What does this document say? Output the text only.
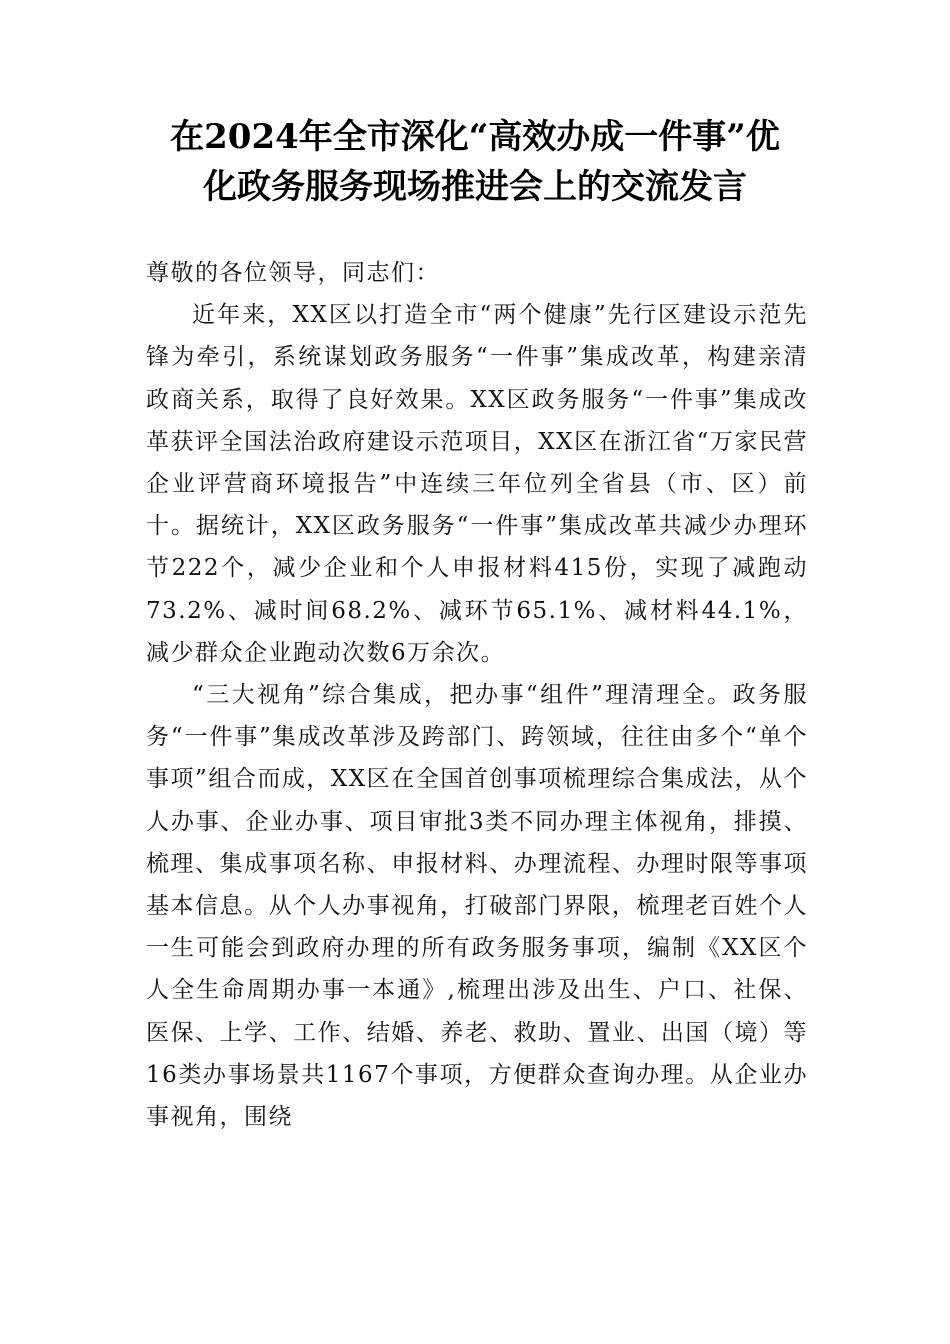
在2024年全市深化“高效办成一件事”优
化政务服务现场推进会上的交流发言

尊敬的各位领导，同志们：

近年来，XX区以打造全市“两个健康”先行区建设示范先锋为牵引，系统谋划政务服务“一件事”集成改革，构建亲清政商关系，取得了良好效果。XX区政务服务“一件事”集成改革获评全国法治政府建设示范项目，XX区在浙江省“万家民营企业评营商环境报告”中连续三年位列全省县（市、区）前十。据统计，XX区政务服务“一件事”集成改革共减少办理环节222个，减少企业和个人申报材料415份，实现了减跑动73.2%、减时间68.2%、减环节65.1%、减材料44.1%，减少群众企业跑动次数6万余次。

“三大视角”综合集成，把办事“组件”理清理全。政务服务“一件事”集成改革涉及跨部门、跨领域，往往由多个“单个事项”组合而成，XX区在全国首创事项梳理综合集成法，从个人办事、企业办事、项目审批3类不同办理主体视角，排摸、梳理、集成事项名称、申报材料、办理流程、办理时限等事项基本信息。从个人办事视角，打破部门界限，梳理老百姓个人一生可能会到政府办理的所有政务服务事项，编制《XX区个人全生命周期办事一本通》,梳理出涉及出生、户口、社保、医保、上学、工作、结婚、养老、救助、置业、出国（境）等16类办事场景共1167个事项，方便群众查询办理。从企业办事视角，围绕
